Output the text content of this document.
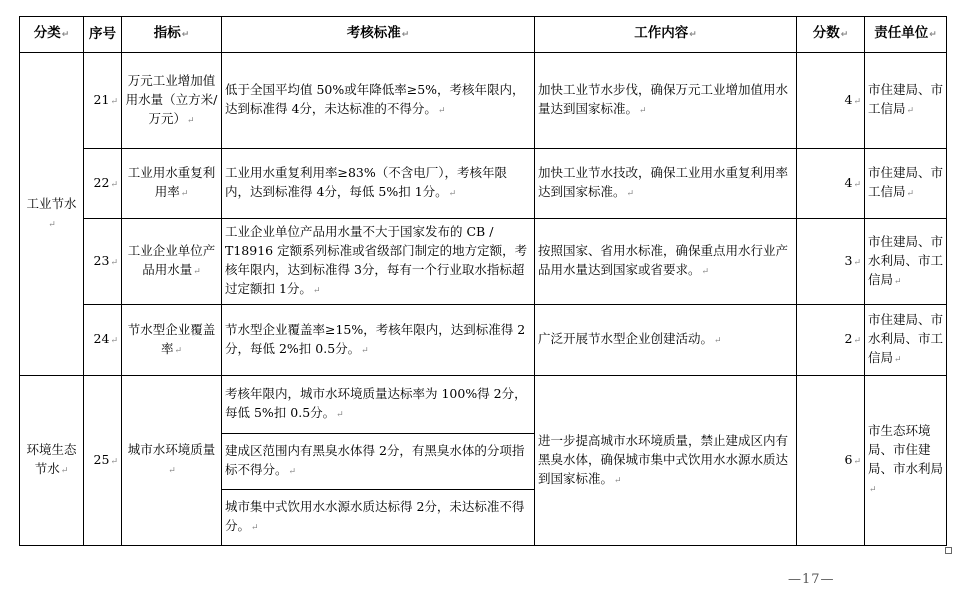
分类↵	序号	指标↵	考核标准↵	工作内容↵	分数↵	责任单位↵
工业节水↵	21↵	万元工业增加值用水量（立方米/万元）↵	低于全国平均值 50%或年降低率≥5%，考核年限内，达到标准得 4分，未达标准的不得分。↵	加快工业节水步伐，确保万元工业增加值用水量达到国家标准。↵	4↵	市住建局、市工信局↵
	22↵	工业用水重复利用率↵	工业用水重复利用率≥83%（不含电厂），考核年限内，达到标准得 4分，每低 5%扣 1分。↵	加快工业节水技改，确保工业用水重复利用率达到国家标准。↵	4↵	市住建局、市工信局↵
	23↵	工业企业单位产品用水量↵	工业企业单位产品用水量不大于国家发布的 CB / T18916 定额系列标准或省级部门制定的地方定额，考核年限内，达到标准得 3分，每有一个行业取水指标超过定额扣 1分。↵	按照国家、省用水标准，确保重点用水行业产品用水量达到国家或省要求。↵	3↵	市住建局、市水利局、市工信局↵
	24↵	节水型企业覆盖率↵	节水型企业覆盖率≥15%，考核年限内，达到标准得 2分，每低 2%扣 0.5分。↵	广泛开展节水型企业创建活动。↵	2↵	市住建局、市水利局、市工信局↵
环境生态节水↵	25↵	城市水环境质量↵	考核年限内，城市水环境质量达标率为 100%得 2分，每低 5%扣 0.5分。↵	进一步提高城市水环境质量，禁止建成区内有黑臭水体，确保城市集中式饮用水水源水质达到国家标准。↵	6↵	市生态环境局、市住建局、市水利局↵
			建成区范围内有黑臭水体得 2分，有黑臭水体的分项指标不得分。↵			
			城市集中式饮用水水源水质达标得 2分，未达标准不得分。↵			
—17—
